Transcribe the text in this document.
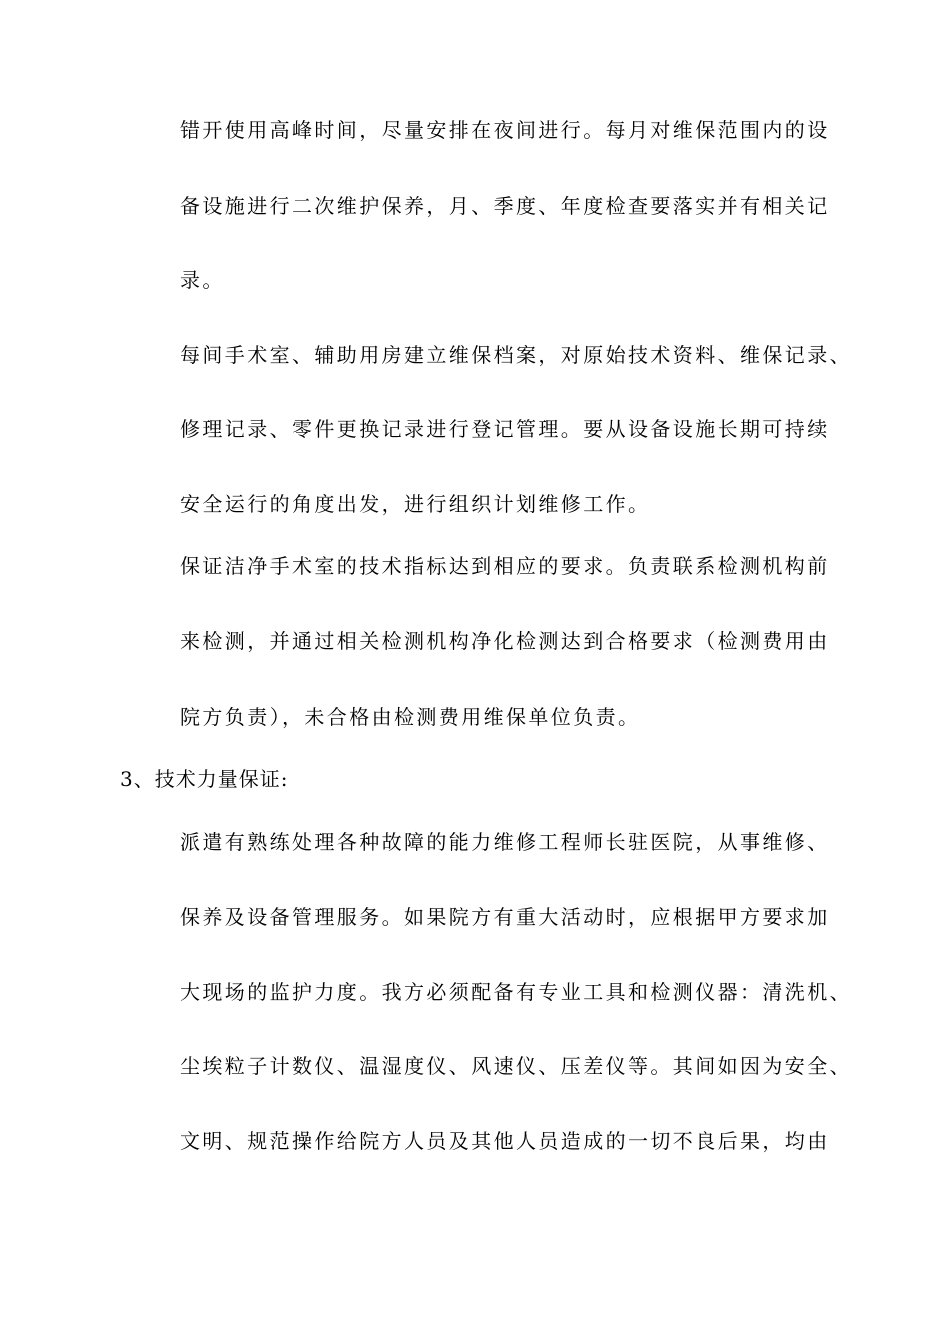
错开使用高峰时间，尽量安排在夜间进行。每月对维保范围内的设
备设施进行二次维护保养，月、季度、年度检查要落实并有相关记
录。
每间手术室、辅助用房建立维保档案，对原始技术资料、维保记录、
修理记录、零件更换记录进行登记管理。要从设备设施长期可持续
安全运行的角度出发，进行组织计划维修工作。
保证洁净手术室的技术指标达到相应的要求。负责联系检测机构前
来检测，并通过相关检测机构净化检测达到合格要求（检测费用由
院方负责），未合格由检测费用维保单位负责。
3、技术力量保证:
派遣有熟练处理各种故障的能力维修工程师长驻医院，从事维修、
保养及设备管理服务。如果院方有重大活动时，应根据甲方要求加
大现场的监护力度。我方必须配备有专业工具和检测仪器：清洗机、
尘埃粒子计数仪、温湿度仪、风速仪、压差仪等。其间如因为安全、
文明、规范操作给院方人员及其他人员造成的一切不良后果，均由
